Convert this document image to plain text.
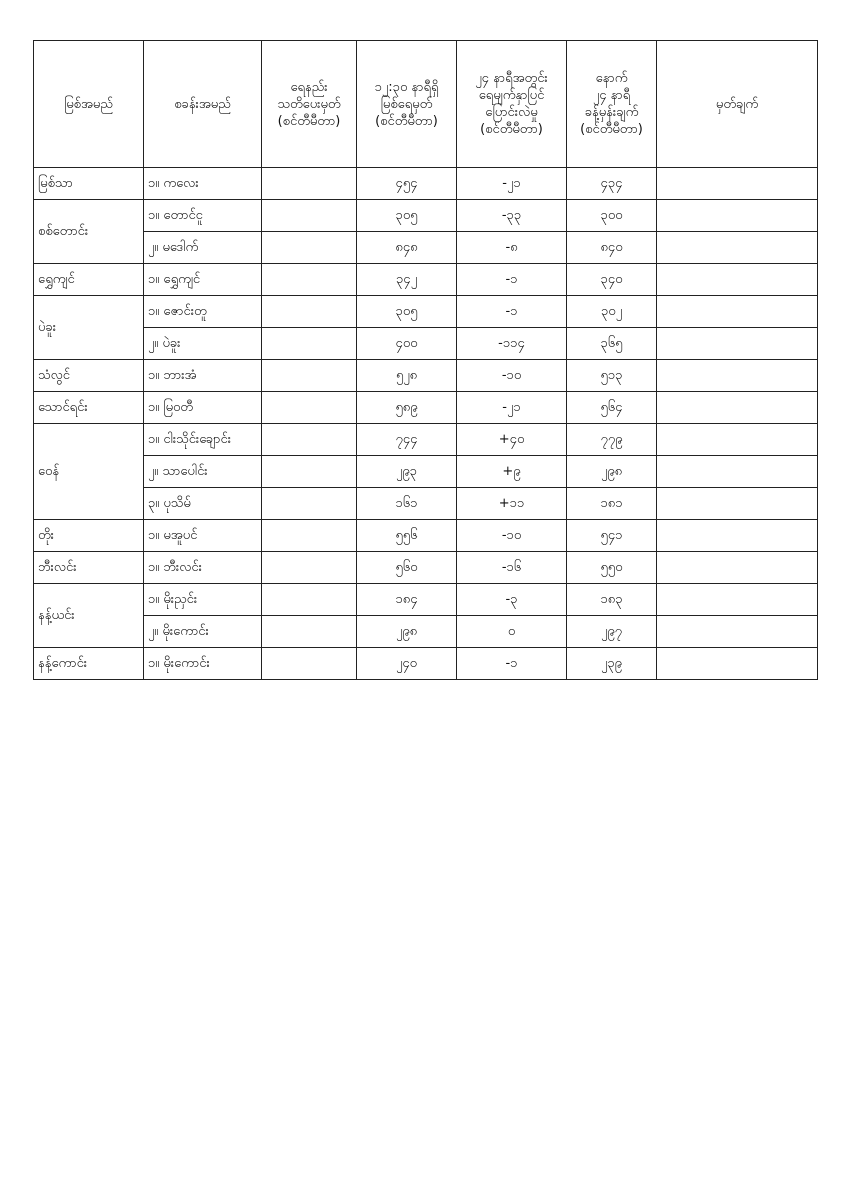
မြစ်အမည်	စခန်းအမည်	ရေနည်း
သတိပေးမှတ်
(စင်တီမီတာ)	၁၂:၃၀ နာရီရှိ
မြစ်ရေမှတ်
(စင်တီမီတာ)	၂၄ နာရီအတွင်း
ရေမျက်နှာပြင်
ပြောင်းလဲမှု
(စင်တီမီတာ)	နောက်
၂၄ နာရီ
ခန့်မှန်းချက်
(စင်တီမီတာ)	မှတ်ချက်
မြစ်သာ	၁။ ကလေး		၄၅၄	-၂၁	၄၃၄	
စစ်တောင်း	၁။ တောင်ငူ		၃၀၅	-၃၃	၃၀၀	
	၂။ မဒေါက်		၈၄၈	-၈	၈၄၀	
ရွှေကျင်	၁။ ရွှေကျင်		၃၄၂	-၁	၃၄၀	
ပဲခူး	၁။ ဇောင်းတူ		၃၀၅	-၁	၃၀၂	
	၂။ ပဲခူး		၄၀၀	-၁၁၄	၃၆၅	
သံလွင်	၁။ ဘားအံ		၅၂၈	-၁၀	၅၁၃	
သောင်ရင်း	၁။ မြဝတီ		၅၈၉	-၂၁	၅၆၄	
ဝေန်	၁။ ငါးသိုင်းချောင်း		၇၄၄	+၄၀	၇၇၉	
	၂။ သာပေါင်း		၂၉၃	+၉	၂၉၈	
	၃။ ပုသိမ်		၁၆၁	+၁၁	၁၈၁	
တိုး	၁။ မအူပင်		၅၅၆	-၁၀	၅၄၁	
ဘီးလင်း	၁။ ဘီးလင်း		၅၆၀	-၁၆	၅၅၀	
နန့်ယင်း	၁။ မိုးညှင်း		၁၈၄	-၃	၁၈၃	
	၂။ မိုးကောင်း		၂၉၈	၀	၂၉၇	
နန့်ကောင်း	၁။ မိုးကောင်း		၂၄၀	-၁	၂၃၉	
